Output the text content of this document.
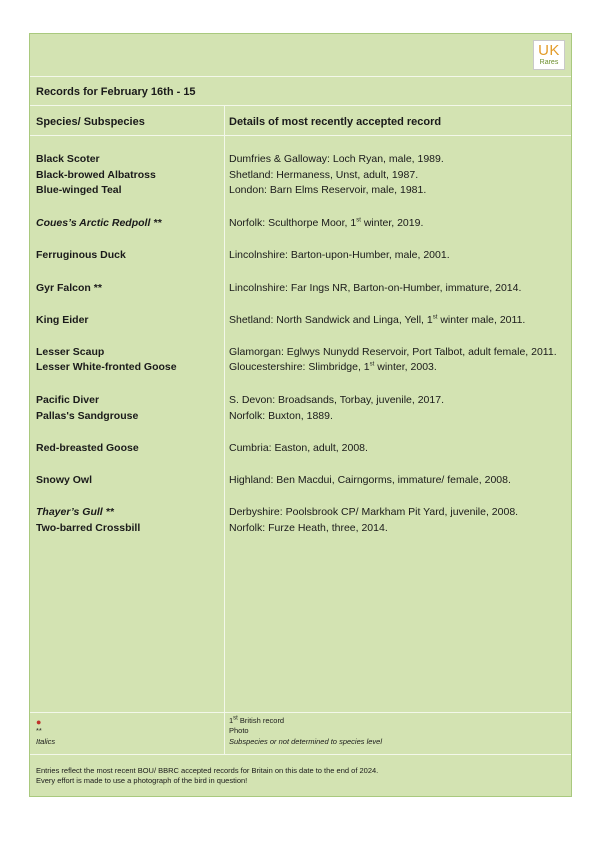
UK
Rares
Records for February 16th - 15
Species/ Subspecies	Details of most recently accepted record
Black Scoter	Dumfries & Galloway: Loch Ryan, male, 1989.
Black-browed Albatross	Shetland: Hermaness, Unst, adult, 1987.
Blue-winged Teal	London: Barn Elms Reservoir, male, 1981.
Coues’s Arctic Redpoll **	Norfolk: Sculthorpe Moor, 1st winter, 2019.
Ferruginous Duck	Lincolnshire: Barton-upon-Humber, male, 2001.
Gyr Falcon **	Lincolnshire: Far Ings NR, Barton-on-Humber, immature, 2014.
King Eider	Shetland: North Sandwick and Linga, Yell, 1st winter male, 2011.
Lesser Scaup	Glamorgan: Eglwys Nunydd Reservoir, Port Talbot, adult female, 2011.
Lesser White-fronted Goose	Gloucestershire: Slimbridge, 1st winter, 2003.
Pacific Diver	S. Devon: Broadsands, Torbay, juvenile, 2017.
Pallas's Sandgrouse	Norfolk: Buxton, 1889.
Red-breasted Goose	Cumbria: Easton, adult, 2008.
Snowy Owl	Highland: Ben Macdui, Cairngorms, immature/ female, 2008.
Thayer’s Gull **	Derbyshire: Poolsbrook CP/ Markham Pit Yard, juvenile, 2008.
Two-barred Crossbill	Norfolk: Furze Heath, three, 2014.
●	1st British record
**	Photo
Italics	Subspecies or not determined to species level
Entries reflect the most recent BOU/ BBRC accepted records for Britain on this date to the end of 2024.
Every effort is made to use a photograph of the bird in question!
